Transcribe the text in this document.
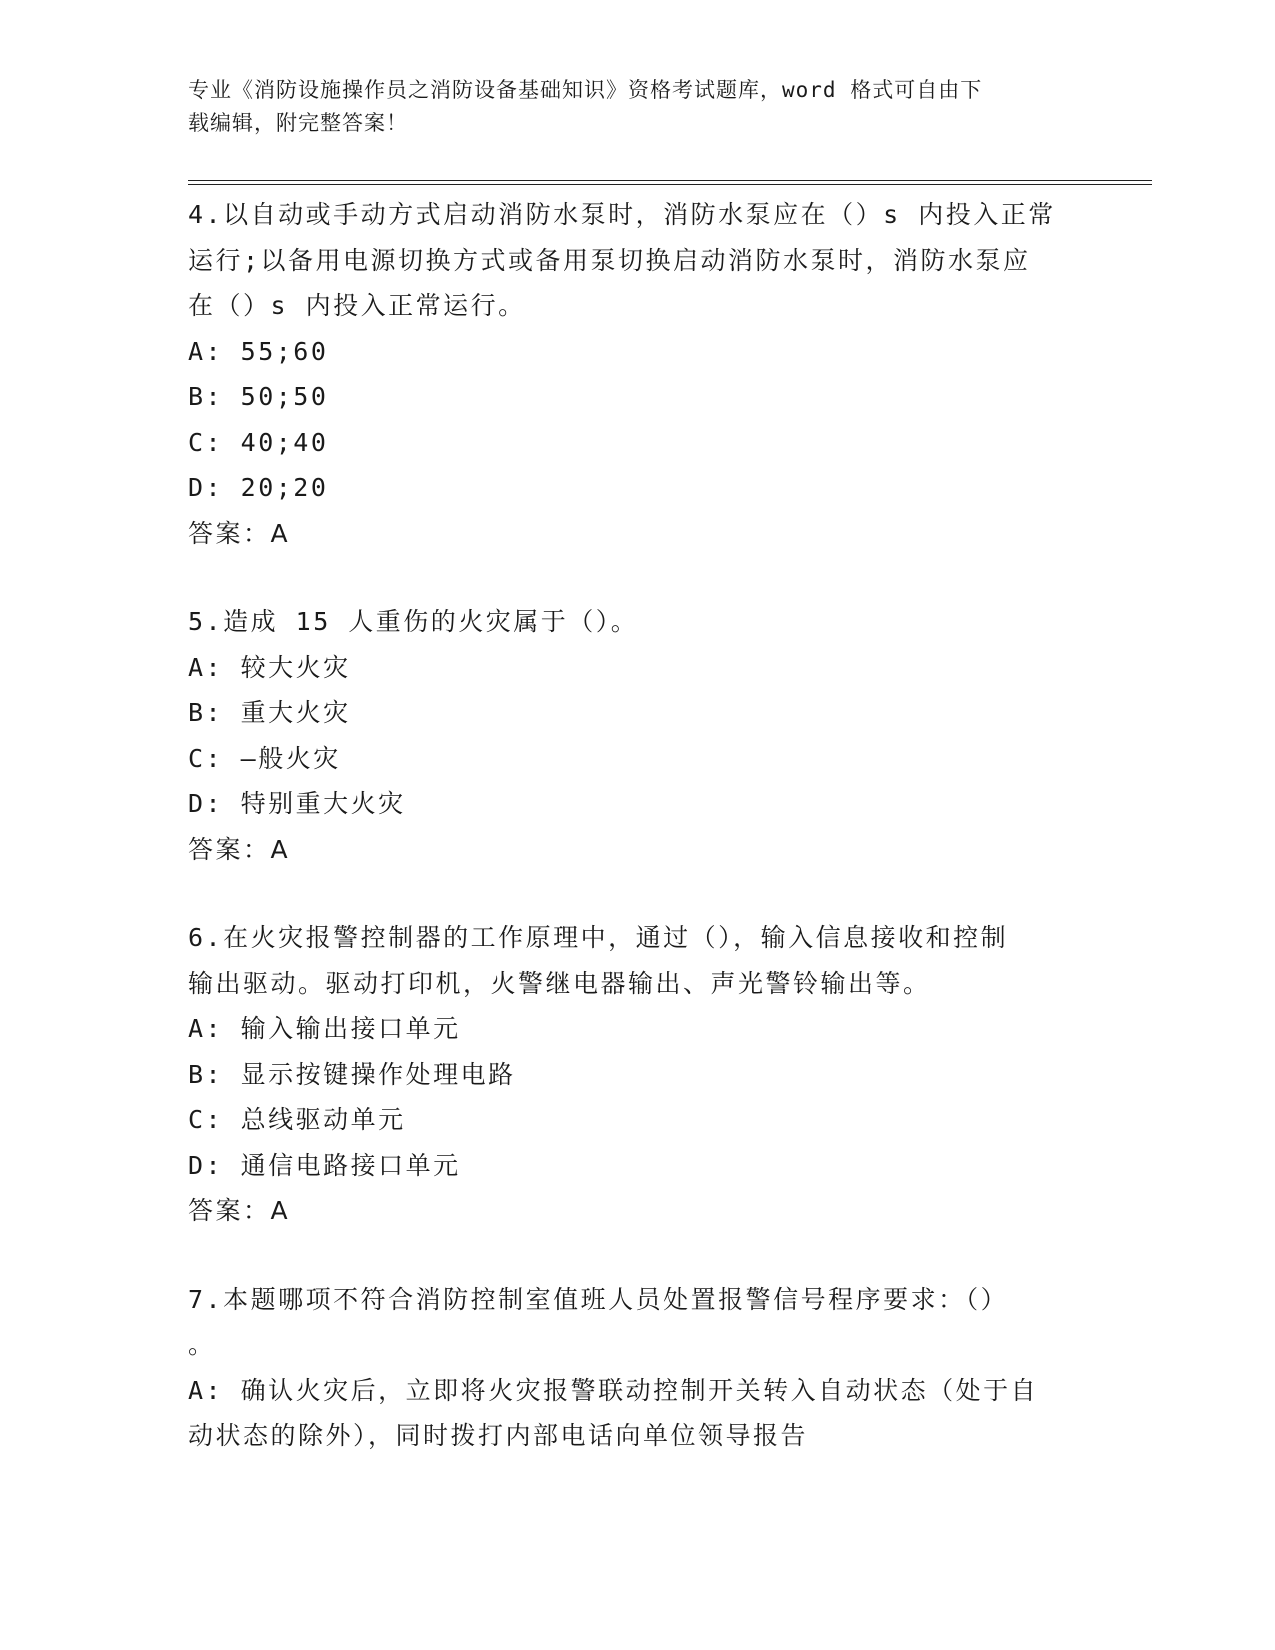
专业《消防设施操作员之消防设备基础知识》资格考试题库，word 格式可自由下
载编辑，附完整答案！
4.以自动或手动方式启动消防水泵时，消防水泵应在（）s 内投入正常
运行;以备用电源切换方式或备用泵切换启动消防水泵时，消防水泵应
在（）s 内投入正常运行。
A: 55;60
B: 50;50
C: 40;40
D: 20;20
答案：A
5.造成 15 人重伤的火灾属于（）。
A: 较大火灾
B: 重大火灾
C: —般火灾
D: 特别重大火灾
答案：A
6.在火灾报警控制器的工作原理中，通过（），输入信息接收和控制
输出驱动。驱动打印机，火警继电器输出、声光警铃输出等。
A: 输入输出接口单元
B: 显示按键操作处理电路
C: 总线驱动单元
D: 通信电路接口单元
答案：A
7.本题哪项不符合消防控制室值班人员处置报警信号程序要求：（）
。
A: 确认火灾后，立即将火灾报警联动控制开关转入自动状态（处于自
动状态的除外），同时拨打内部电话向单位领导报告
